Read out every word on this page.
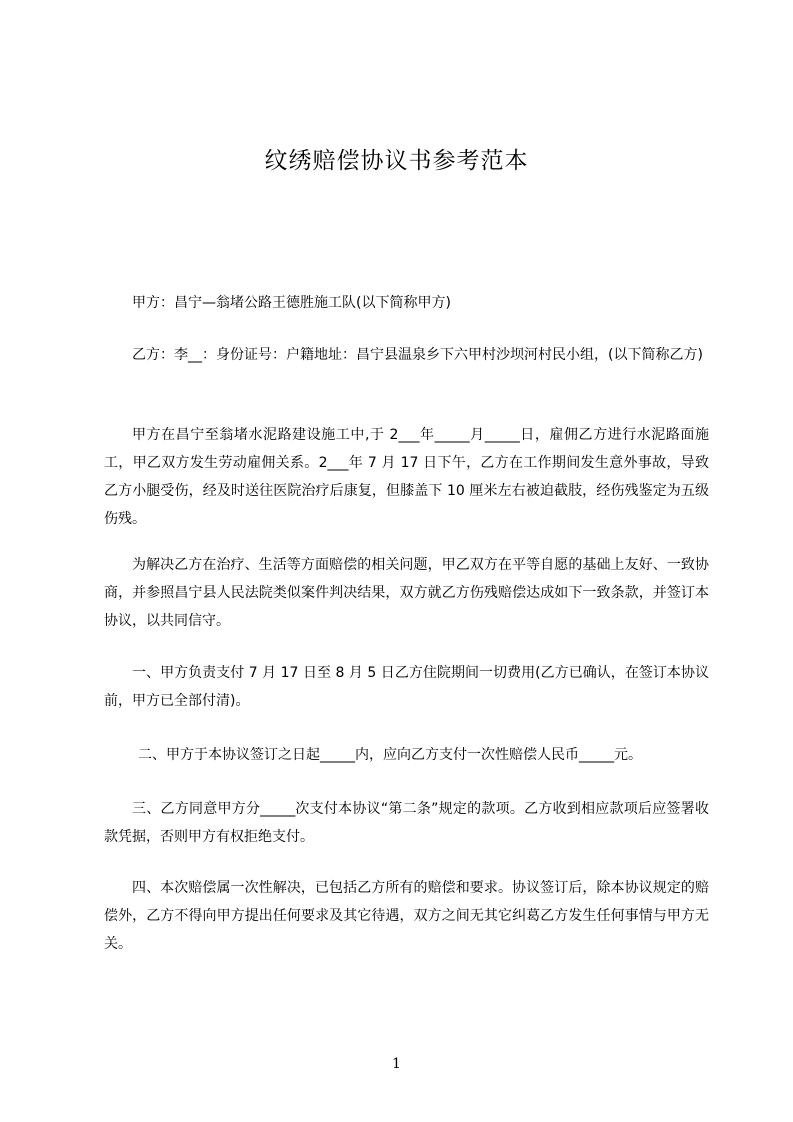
纹绣赔偿协议书参考范本
甲方：昌宁—翁堵公路王德胜施工队(以下简称甲方)
乙方：李__：身份证号：户籍地址：昌宁县温泉乡下六甲村沙坝河村民小组，(以下简称乙方)
甲方在昌宁至翁堵水泥路建设施工中,于 2___年_____月_____日，雇佣乙方进行水泥路面施工，甲乙双方发生劳动雇佣关系。2___年 7 月 17 日下午，乙方在工作期间发生意外事故，导致乙方小腿受伤，经及时送往医院治疗后康复，但膝盖下 10 厘米左右被迫截肢，经伤残鉴定为五级伤残。
为解决乙方在治疗、生活等方面赔偿的相关问题，甲乙双方在平等自愿的基础上友好、一致协商，并参照昌宁县人民法院类似案件判决结果，双方就乙方伤残赔偿达成如下一致条款，并签订本协议，以共同信守。
一、甲方负责支付 7 月 17 日至 8 月 5 日乙方住院期间一切费用(乙方已确认，在签订本协议前，甲方已全部付清)。
二、甲方于本协议签订之日起_____内，应向乙方支付一次性赔偿人民币_____元。
三、乙方同意甲方分_____次支付本协议“第二条”规定的款项。乙方收到相应款项后应签署收款凭据，否则甲方有权拒绝支付。
四、本次赔偿属一次性解决，已包括乙方所有的赔偿和要求。协议签订后，除本协议规定的赔偿外，乙方不得向甲方提出任何要求及其它待遇，双方之间无其它纠葛乙方发生任何事情与甲方无关。
1
